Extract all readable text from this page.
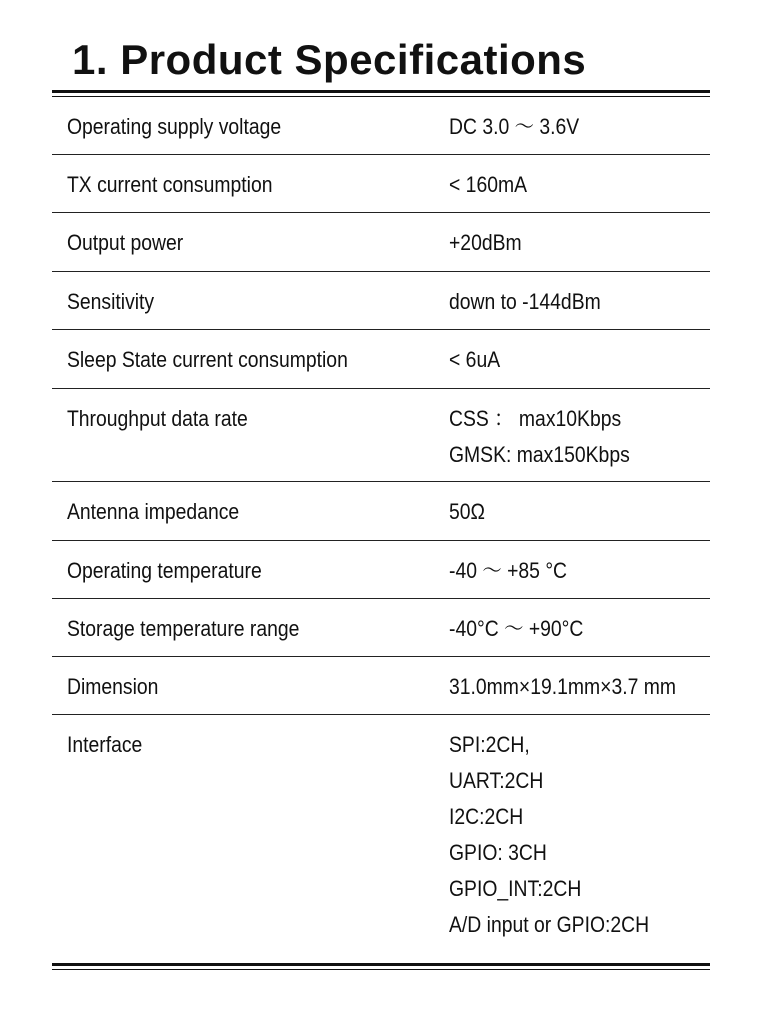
1. Product Specifications
Operating supply voltage	DC 3.0 ～ 3.6V
TX current consumption	< 160mA
Output power	+20dBm
Sensitivity	down to -144dBm
Sleep State current consumption	< 6uA
Throughput data rate	CSS ： max10Kbps
GMSK: max150Kbps
Antenna impedance	50Ω
Operating temperature	-40 ～ +85 °C
Storage temperature range	-40°C ～ +90°C
Dimension	31.0mm×19.1mm×3.7 mm
Interface	SPI:2CH,
UART:2CH
I2C:2CH
GPIO: 3CH
GPIO_INT:2CH
A/D input or GPIO:2CH
